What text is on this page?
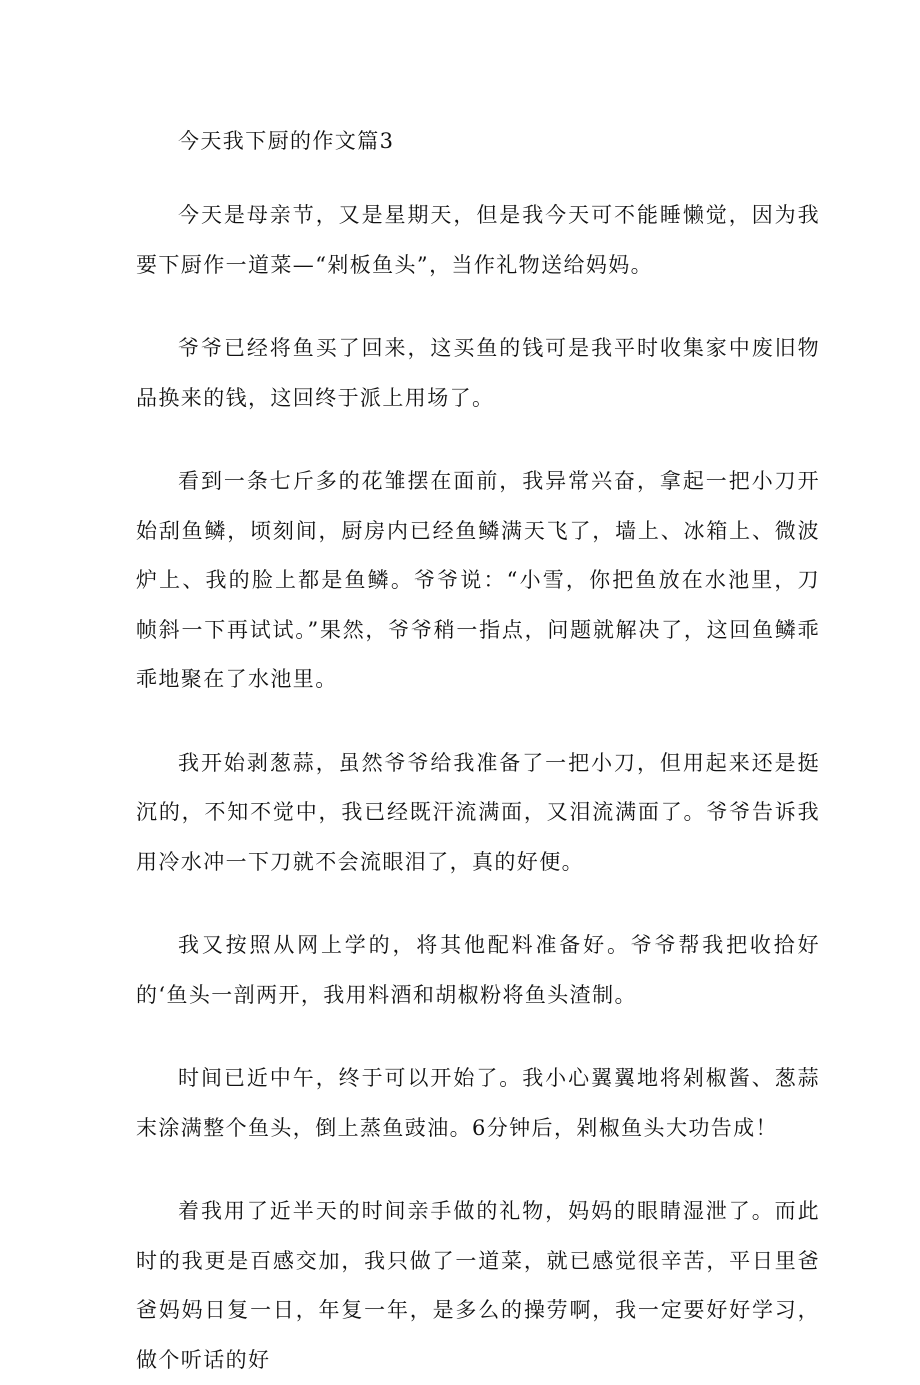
今天我下厨的作文篇3

今天是母亲节，又是星期天，但是我今天可不能睡懒觉，因为我要下厨作一道菜—“剁板鱼头”，当作礼物送给妈妈。

爷爷已经将鱼买了回来，这买鱼的钱可是我平时收集家中废旧物品换来的钱，这回终于派上用场了。

看到一条七斤多的花雏摆在面前，我异常兴奋，拿起一把小刀开始刮鱼鳞，顷刻间，厨房内已经鱼鳞满天飞了，墙上、冰箱上、微波炉上、我的脸上都是鱼鳞。爷爷说：“小雪，你把鱼放在水池里，刀帧斜一下再试试。”果然，爷爷稍一指点，问题就解决了，这回鱼鳞乖乖地聚在了水池里。

我开始剥葱蒜，虽然爷爷给我准备了一把小刀，但用起来还是挺沉的，不知不觉中，我已经既汗流满面，又泪流满面了。爷爷告诉我用冷水冲一下刀就不会流眼泪了，真的好便。

我又按照从网上学的，将其他配料准备好。爷爷帮我把收拾好的‘鱼头一剖两开，我用料酒和胡椒粉将鱼头渣制。

时间已近中午，终于可以开始了。我小心翼翼地将剁椒酱、葱蒜末涂满整个鱼头，倒上蒸鱼豉油。6分钟后，剁椒鱼头大功告成！

着我用了近半天的时间亲手做的礼物，妈妈的眼睛湿泄了。而此时的我更是百感交加，我只做了一道菜，就已感觉很辛苦，平日里爸爸妈妈日复一日，年复一年，是多么的操劳啊，我一定要好好学习，做个听话的好
